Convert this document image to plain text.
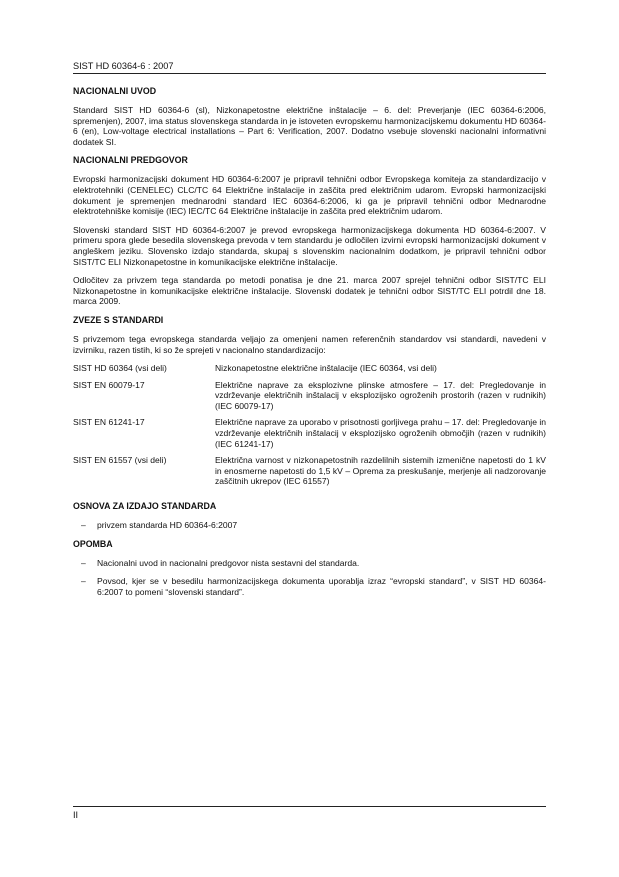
SIST HD 60364-6 : 2007
NACIONALNI UVOD

Standard SIST HD 60364-6 (sl), Nizkonapetostne električne inštalacije – 6. del: Preverjanje (IEC 60364-6:2006, spremenjen), 2007, ima status slovenskega standarda in je istoveten evropskemu harmonizacijskemu dokumentu HD 60364-6 (en), Low-voltage electrical installations – Part 6: Verification, 2007. Dodatno vsebuje slovenski nacionalni informativni dodatek SI.

NACIONALNI PREDGOVOR

Evropski harmonizacijski dokument HD 60364-6:2007 je pripravil tehnični odbor Evropskega komiteja za standardizacijo v elektrotehniki (CENELEC) CLC/TC 64 Električne inštalacije in zaščita pred električnim udarom. Evropski harmonizacijski dokument je spremenjen mednarodni standard IEC 60364-6:2006, ki ga je pripravil tehnični odbor Mednarodne elektrotehniške komisije (IEC) IEC/TC 64 Električne inštalacije in zaščita pred električnim udarom.

Slovenski standard SIST HD 60364-6:2007 je prevod evropskega harmonizacijskega dokumenta HD 60364-6:2007. V primeru spora glede besedila slovenskega prevoda v tem standardu je odločilen izvirni evropski harmonizacijski dokument v angleškem jeziku. Slovensko izdajo standarda, skupaj s slovenskim nacionalnim dodatkom, je pripravil tehnični odbor SIST/TC ELI Nizkonapetostne in komunikacijske električne inštalacije.

Odločitev za privzem tega standarda po metodi ponatisa je dne 21. marca 2007 sprejel tehnični odbor SIST/TC ELI Nizkonapetostne in komunikacijske električne inštalacije. Slovenski dodatek je tehnični odbor SIST/TC ELI potrdil dne 18. marca 2009.

ZVEZE S STANDARDI

S privzemom tega evropskega standarda veljajo za omenjeni namen referenčnih standardov vsi standardi, navedeni v izvirniku, razen tistih, ki so že sprejeti v nacionalno standardizacijo:

SIST HD 60364 (vsi deli)	Nizkonapetostne električne inštalacije (IEC 60364, vsi deli)
SIST EN 60079-17	Električne naprave za eksplozivne plinske atmosfere – 17. del: Pregledovanje in vzdrževanje električnih inštalacij v eksplozijsko ogroženih prostorih (razen v rudnikih) (IEC 60079-17)
SIST EN 61241-17	Električne naprave za uporabo v prisotnosti gorljivega prahu – 17. del: Pregledovanje in vzdrževanje električnih inštalacij v eksplozijsko ogroženih območjih (razen v rudnikih) (IEC 61241-17)
SIST EN 61557 (vsi deli)	Električna varnost v nizkonapetostnih razdelilnih sistemih izmenične napetosti do 1 kV in enosmerne napetosti do 1,5 kV – Oprema za preskušanje, merjenje ali nadzorovanje zaščitnih ukrepov (IEC 61557)
OSNOVA ZA IZDAJO STANDARDA
– privzem standarda HD 60364-6:2007
OPOMBA
– Nacionalni uvod in nacionalni predgovor nista sestavni del standarda.
– Povsod, kjer se v besedilu harmonizacijskega dokumenta uporablja izraz “evropski standard”, v SIST HD 60364-6:2007 to pomeni “slovenski standard”.
II
